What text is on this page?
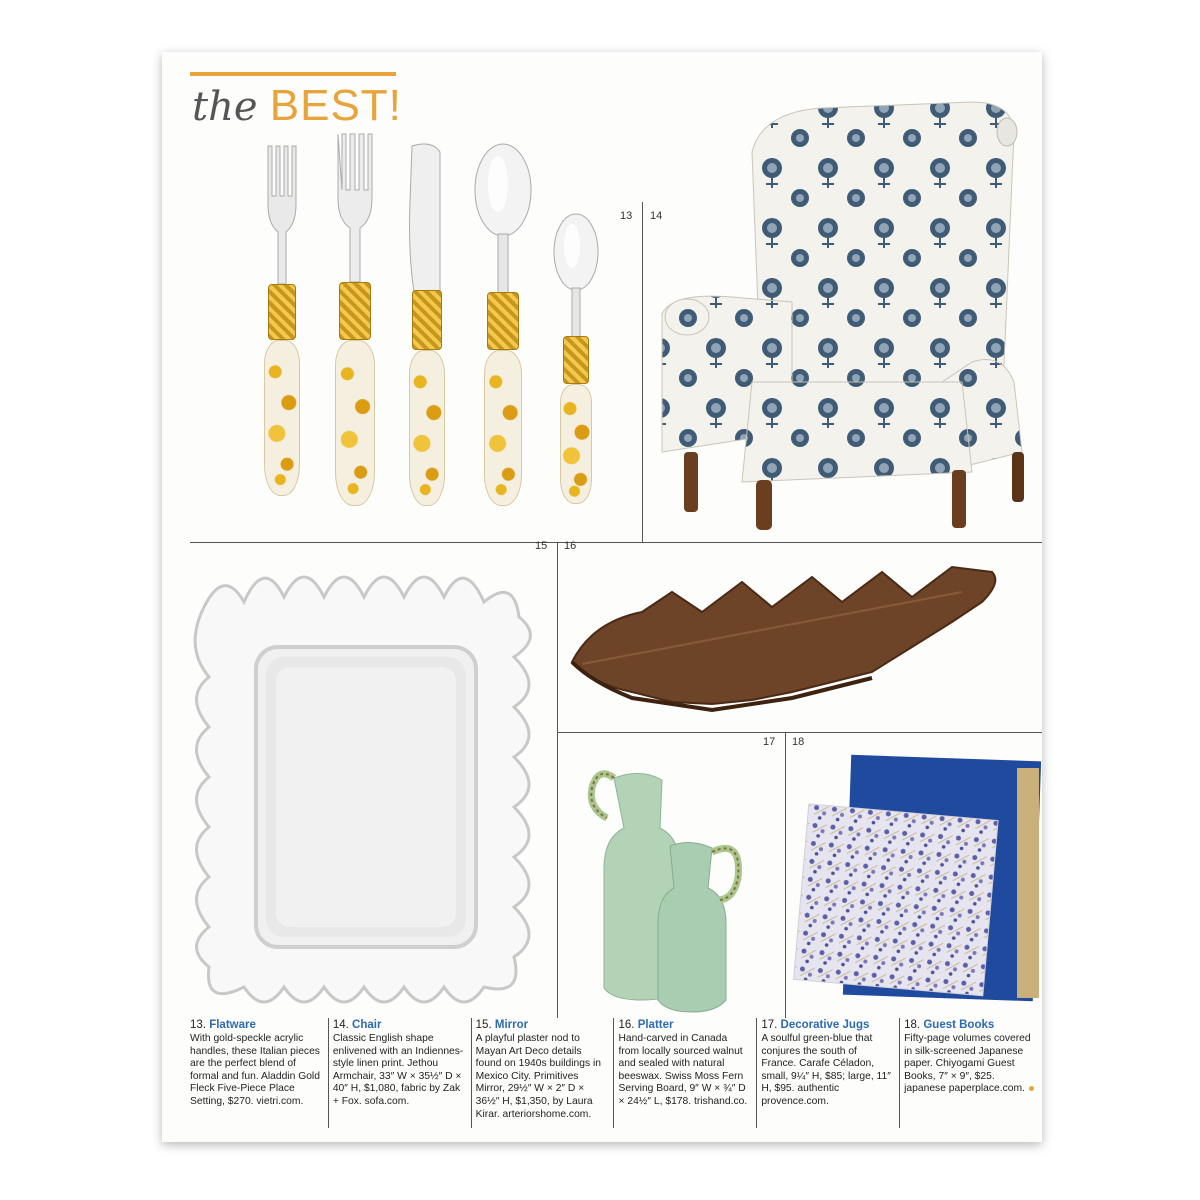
the BEST!
13 14
15 16
17 18
13. Flatware
With gold-speckle acrylic handles, these Italian pieces are the perfect blend of formal and fun. Aladdin Gold Fleck Five-Piece Place Setting, $270. vietri.com.
14. Chair
Classic English shape enlivened with an Indiennes-style linen print. Jethou Armchair, 33″ W × 35½″ D × 40″ H, $1,080, fabric by Zak + Fox. sofa.com.
15. Mirror
A playful plaster nod to Mayan Art Deco details found on 1940s buildings in Mexico City. Primitives Mirror, 29½″ W × 2″ D × 36½″ H, $1,350, by Laura Kirar. arteriorshome.com.
16. Platter
Hand-carved in Canada from locally sourced walnut and sealed with natural beeswax. Swiss Moss Fern Serving Board, 9″ W × ¾″ D × 24½″ L, $178. trishand.co.
17. Decorative Jugs
A soulful green-blue that conjures the south of France. Carafe Céladon, small, 9¼″ H, $85; large, 11″ H, $95. authentic provence.com.
18. Guest Books
Fifty-page volumes covered in silk-screened Japanese paper. Chiyogami Guest Books, 7″ × 9″, $25. japanese paperplace.com.
